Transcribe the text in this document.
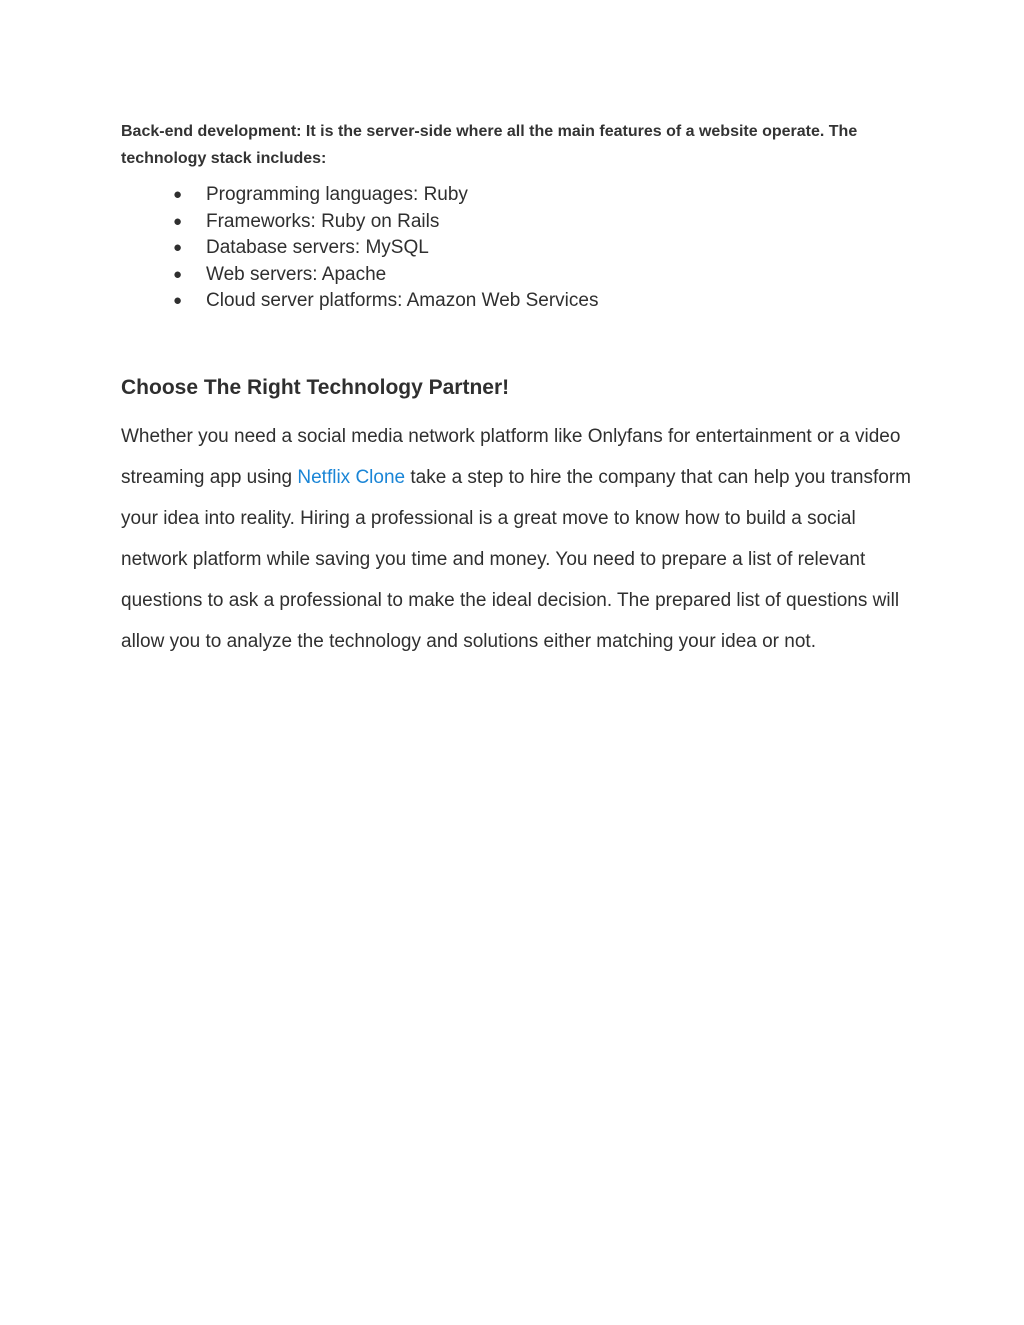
Back-end development: It is the server-side where all the main features of a website operate. The technology stack includes:

● Programming languages: Ruby
● Frameworks: Ruby on Rails
● Database servers: MySQL
● Web servers: Apache
● Cloud server platforms: Amazon Web Services
Choose The Right Technology Partner!

Whether you need a social media network platform like Onlyfans for entertainment or a video streaming app using Netflix Clone take a step to hire the company that can help you transform your idea into reality. Hiring a professional is a great move to know how to build a social network platform while saving you time and money. You need to prepare a list of relevant questions to ask a professional to make the ideal decision. The prepared list of questions will allow you to analyze the technology and solutions either matching your idea or not.
